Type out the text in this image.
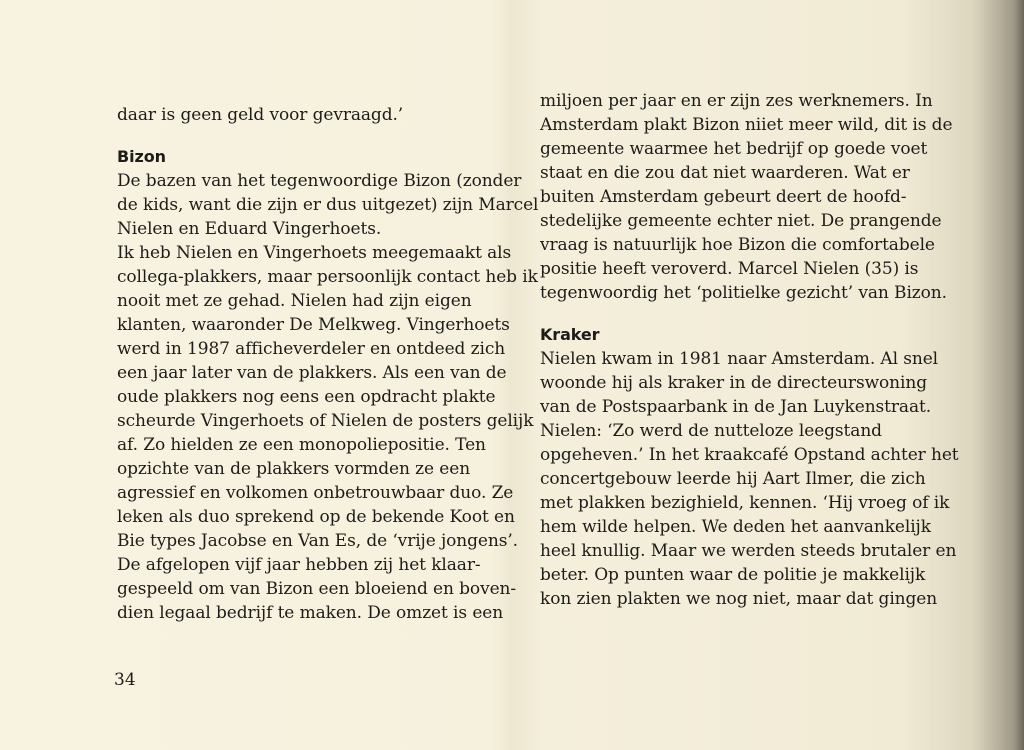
daar is geen geld voor gevraagd.’
Bizon
De bazen van het tegenwoordige Bizon (zonder
de kids, want die zijn er dus uitgezet) zijn Marcel
Nielen en Eduard Vingerhoets.
Ik heb Nielen en Vingerhoets meegemaakt als
collega-plakkers, maar persoonlijk contact heb ik
nooit met ze gehad. Nielen had zijn eigen
klanten, waaronder De Melkweg. Vingerhoets
werd in 1987 afficheverdeler en ontdeed zich
een jaar later van de plakkers. Als een van de
oude plakkers nog eens een opdracht plakte
scheurde Vingerhoets of Nielen de posters gelijk
af. Zo hielden ze een monopoliepositie. Ten
opzichte van de plakkers vormden ze een
agressief en volkomen onbetrouwbaar duo. Ze
leken als duo sprekend op de bekende Koot en
Bie types Jacobse en Van Es, de ‘vrije jongens’.
De afgelopen vijf jaar hebben zij het klaar-
gespeeld om van Bizon een bloeiend en boven-
dien legaal bedrijf te maken. De omzet is een
miljoen per jaar en er zijn zes werknemers. In
Amsterdam plakt Bizon niiet meer wild, dit is de
gemeente waarmee het bedrijf op goede voet
staat en die zou dat niet waarderen. Wat er
buiten Amsterdam gebeurt deert de hoofd-
stedelijke gemeente echter niet. De prangende
vraag is natuurlijk hoe Bizon die comfortabele
positie heeft veroverd. Marcel Nielen (35) is
tegenwoordig het ‘politielke gezicht’ van Bizon.
Kraker
Nielen kwam in 1981 naar Amsterdam. Al snel
woonde hij als kraker in de directeurswoning
van de Postspaarbank in de Jan Luykenstraat.
Nielen: ‘Zo werd de nutteloze leegstand
opgeheven.’ In het kraakcafé Opstand achter het
concertgebouw leerde hij Aart Ilmer, die zich
met plakken bezighield, kennen. ‘Hij vroeg of ik
hem wilde helpen. We deden het aanvankelijk
heel knullig. Maar we werden steeds brutaler en
beter. Op punten waar de politie je makkelijk
kon zien plakten we nog niet, maar dat gingen
34
